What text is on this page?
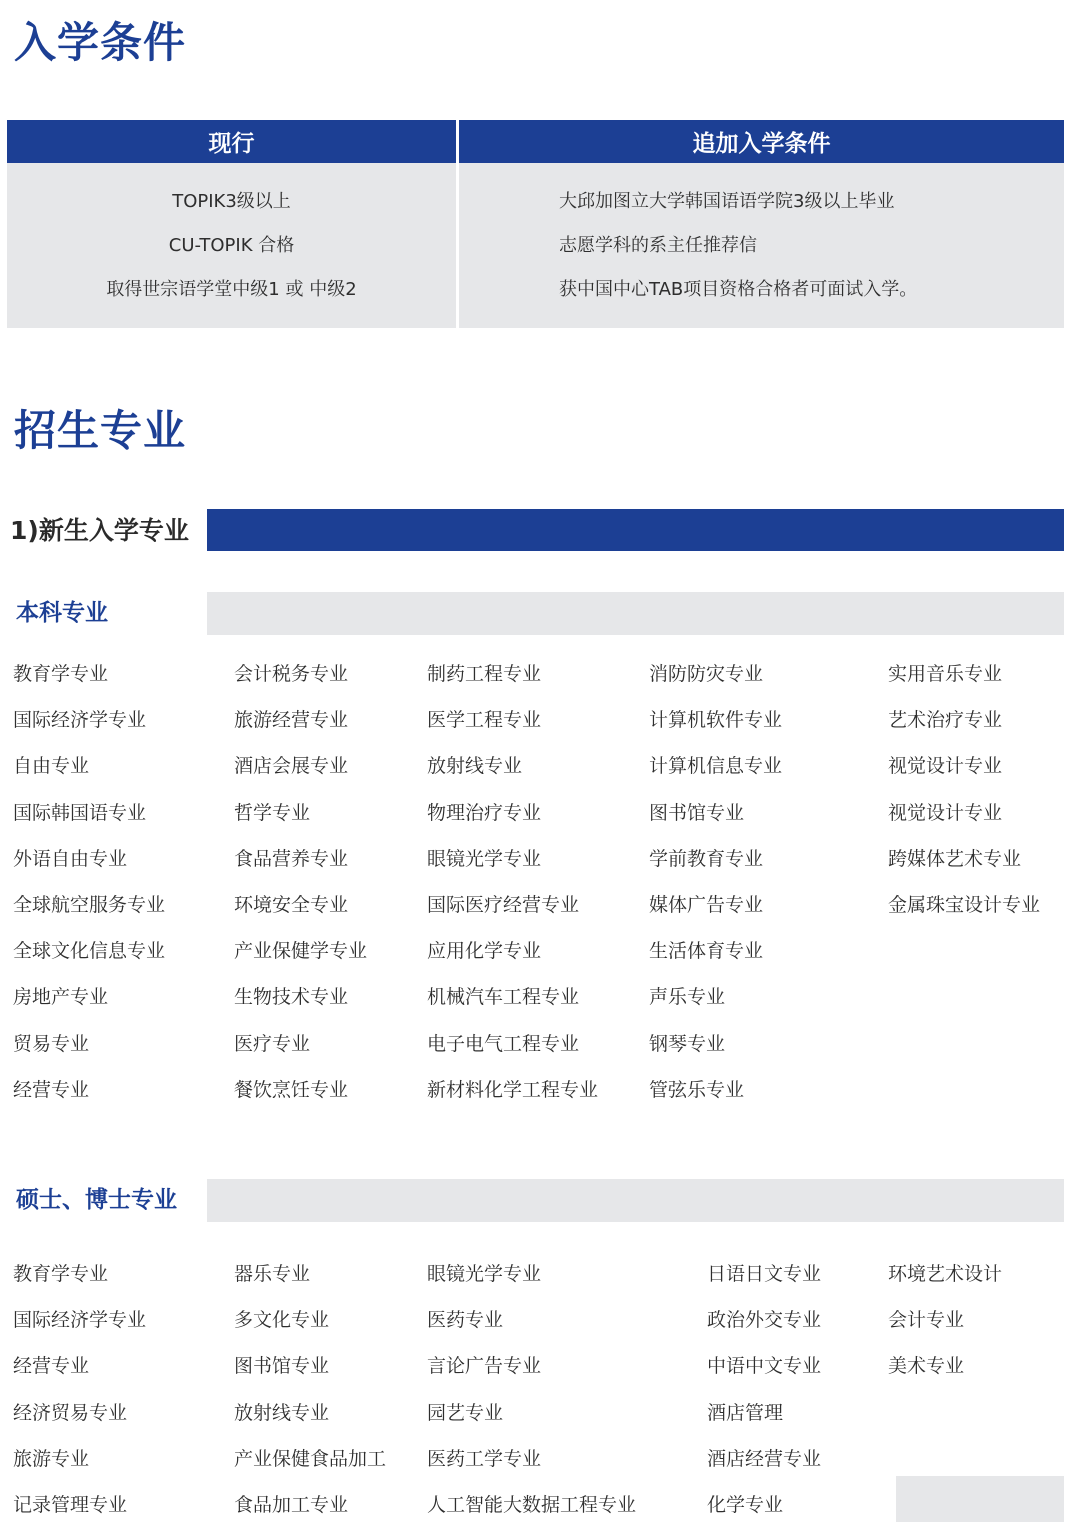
入学条件
现行
TOPIK3级以上
CU-TOPIK 合格
取得世宗语学堂中级1 或 中级2
追加入学条件
大邱加图立大学韩国语语学院3级以上毕业
志愿学科的系主任推荐信
获中国中心TAB项目资格合格者可面试入学。
招生专业
1)新生入学专业
本科专业
教育学专业
国际经济学专业
自由专业
国际韩国语专业
外语自由专业
全球航空服务专业
全球文化信息专业
房地产专业
贸易专业
经营专业
会计税务专业
旅游经营专业
酒店会展专业
哲学专业
食品营养专业
环境安全专业
产业保健学专业
生物技术专业
医疗专业
餐饮烹饪专业
制药工程专业
医学工程专业
放射线专业
物理治疗专业
眼镜光学专业
国际医疗经营专业
应用化学专业
机械汽车工程专业
电子电气工程专业
新材料化学工程专业
消防防灾专业
计算机软件专业
计算机信息专业
图书馆专业
学前教育专业
媒体广告专业
生活体育专业
声乐专业
钢琴专业
管弦乐专业
实用音乐专业
艺术治疗专业
视觉设计专业
视觉设计专业
跨媒体艺术专业
金属珠宝设计专业
硕士、博士专业
教育学专业
国际经济学专业
经营专业
经济贸易专业
旅游专业
记录管理专业
器乐专业
多文化专业
图书馆专业
放射线专业
产业保健食品加工
食品加工专业
眼镜光学专业
医药专业
言论广告专业
园艺专业
医药工学专业
人工智能大数据工程专业
日语日文专业
政治外交专业
中语中文专业
酒店管理
酒店经营专业
化学专业
环境艺术设计
会计专业
美术专业
